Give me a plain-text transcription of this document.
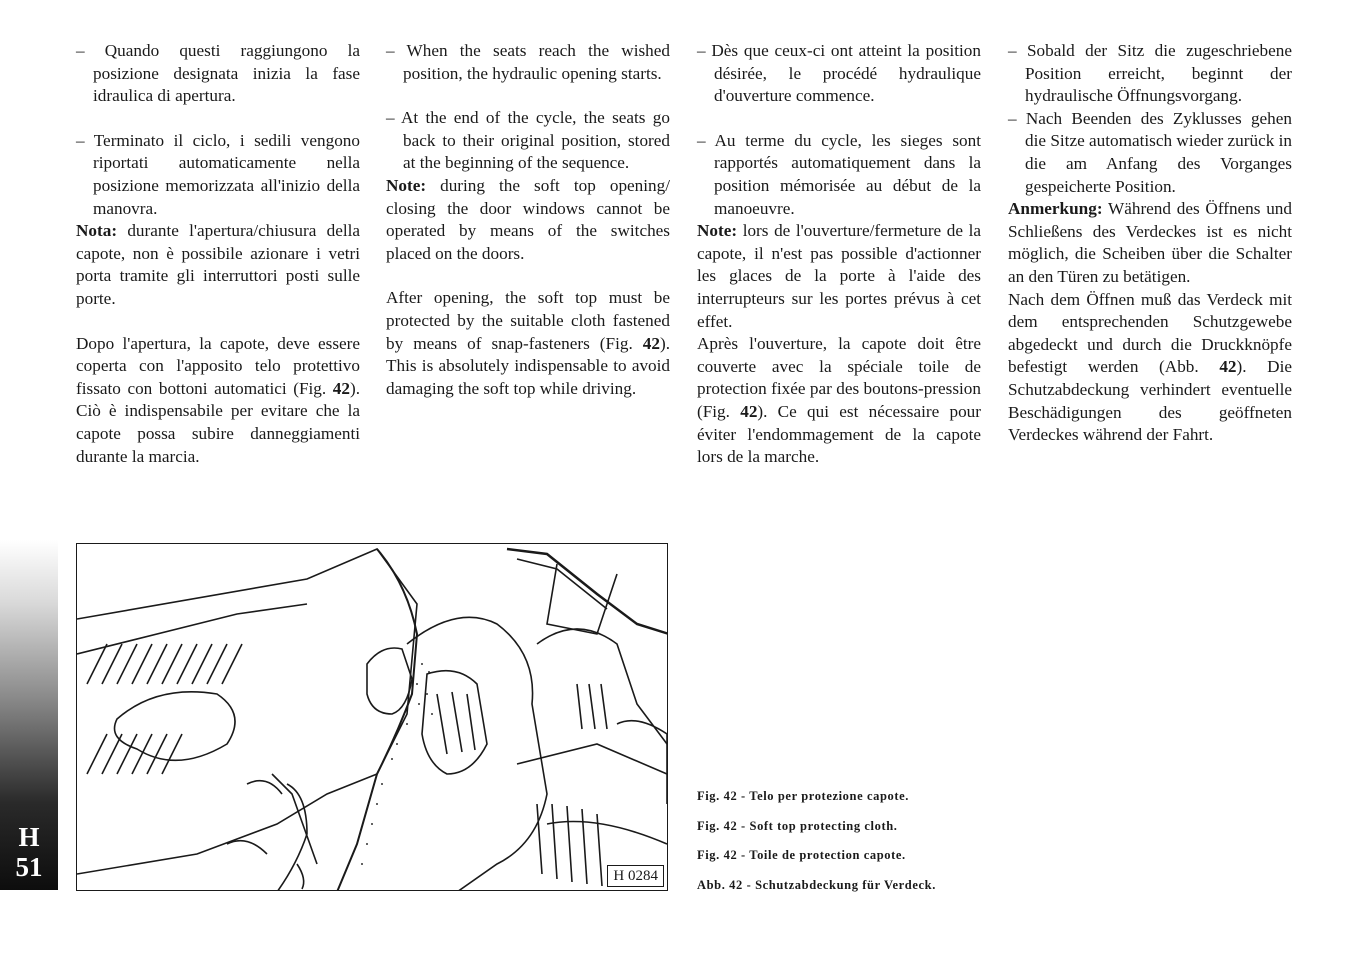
– Quando questi raggiungono la posizione designata inizia la fase idraulica di apertura.

– Terminato il ciclo, i sedili vengono riportati automaticamente nella posizione memorizzata all'inizio della manovra.

Nota: durante l'apertura/chiusura della capote, non è possibile azionare i vetri porta tramite gli interruttori posti sulle porte.

Dopo l'apertura, la capote, deve essere coperta con l'apposito telo protettivo fissato con bottoni automatici (Fig. 42). Ciò è indispensabile per evitare che la capote possa subire danneggiamenti durante la marcia.

– When the seats reach the wished position, the hydraulic opening starts.

– At the end of the cycle, the seats go back to their original position, stored at the beginning of the sequence.

Note: during the soft top opening/ closing the door windows cannot be operated by means of the switches placed on the doors.

After opening, the soft top must be protected by the suitable cloth fastened by means of snap-fasteners (Fig. 42). This is absolutely indispensable to avoid damaging the soft top while driving.

– Dès que ceux-ci ont atteint la position désirée, le procédé hydraulique d'ouverture commence.

– Au terme du cycle, les sieges sont rapportés automatiquement dans la position mémorisée au début de la manoeuvre.

Note: lors de l'ouverture/fermeture de la capote, il n'est pas possible d'actionner les glaces de la porte à l'aide des interrupteurs sur les portes prévus à cet effet.

Après l'ouverture, la capote doit être couverte avec la spéciale toile de protection fixée par des boutons-pression (Fig. 42). Ce qui est nécessaire pour éviter l'endommagement de la capote lors de la marche.

– Sobald der Sitz die zugeschriebene Position erreicht, beginnt der hydraulische Öffnungsvorgang.

– Nach Beenden des Zyklusses gehen die Sitze automatisch wieder zurück in die am Anfang des Vorganges gespeicherte Position.

Anmerkung: Während des Öffnens und Schließens des Verdeckes ist es nicht möglich, die Scheiben über die Schalter an den Türen zu betätigen.

Nach dem Öffnen muß das Verdeck mit dem entsprechenden Schutzgewebe abgedeckt und durch die Druckknöpfe befestigt werden (Abb. 42). Die Schutzabdeckung verhindert eventuelle Beschädigungen des geöffneten Verdeckes während der Fahrt.

H
51	H 0284
Fig. 42 - Telo per protezione capote.
Fig. 42 - Soft top protecting cloth.
Fig. 42 - Toile de protection capote.
Abb. 42 - Schutzabdeckung für Verdeck.
